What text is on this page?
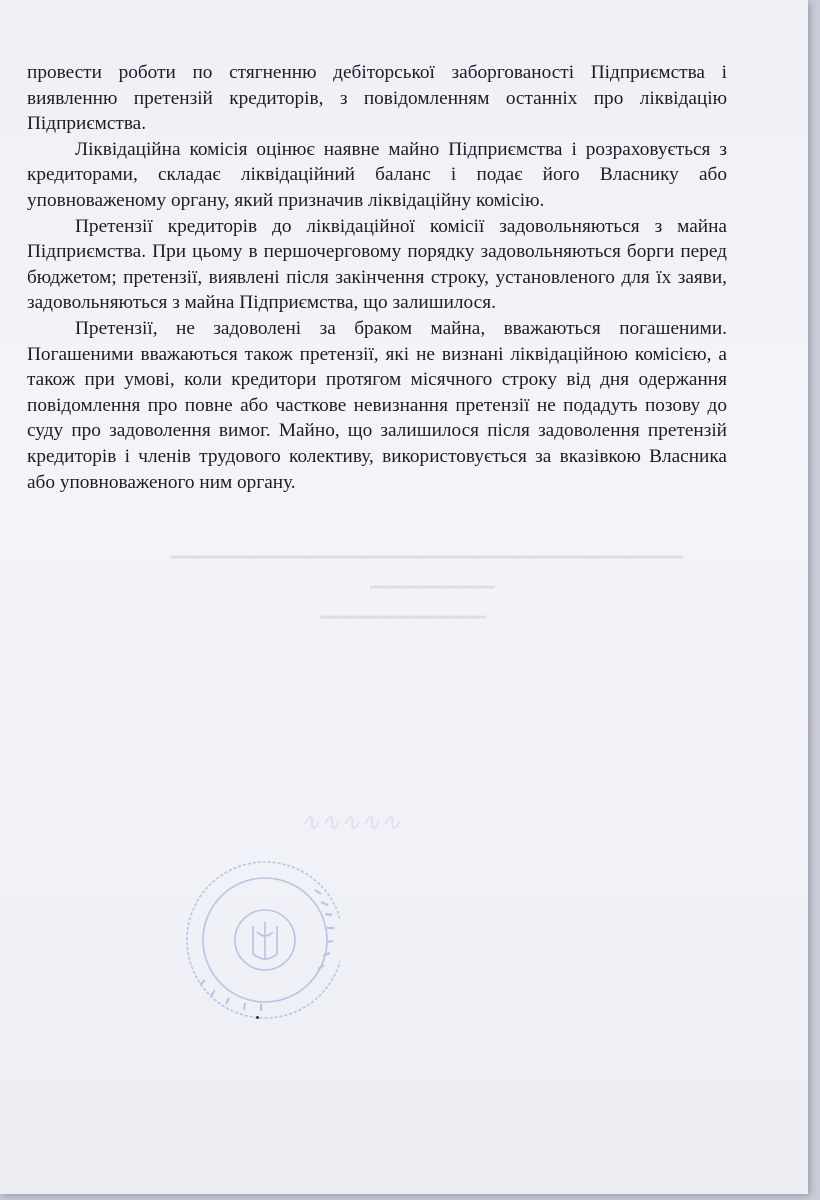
провести роботи по стягненню дебіторської заборгованості Підприємства і виявленню претензій кредиторів, з повідомленням останніх про ліквідацію Підприємства.

Ліквідаційна комісія оцінює наявне майно Підприємства і розраховується з кредиторами, складає ліквідаційний баланс і подає його Власнику або уповноваженому органу, який призначив ліквідаційну комісію.

Претензії кредиторів до ліквідаційної комісії задовольняються з майна Підприємства. При цьому в першочерговому порядку задовольняються борги перед бюджетом; претензії, виявлені після закінчення строку, установленого для їх заяви, задовольняються з майна Підприємства, що залишилося.

Претензії, не задоволені за браком майна, вважаються погашеними. Погашеними вважаються також претензії, які не визнані ліквідаційною комісією, а також при умові, коли кредитори протягом місячного строку від дня одержання повідомлення про повне або часткове невизнання претензії не подадуть позову до суду про задоволення вимог. Майно, що залишилося після задоволення претензій кредиторів і членів трудового колективу, використовується за вказівкою Власника або уповноваженого ним органу.

▁▁▁▁▁▁▁▁▁▁▁▁▁▁▁▁▁▁▁▁▁▁▁▁▁▁▁▁▁▁▁▁▁▁▁▁▁
▁▁▁▁▁▁▁▁▁
▁▁▁▁▁▁▁▁▁▁▁▁
∿∿∿∿∿
